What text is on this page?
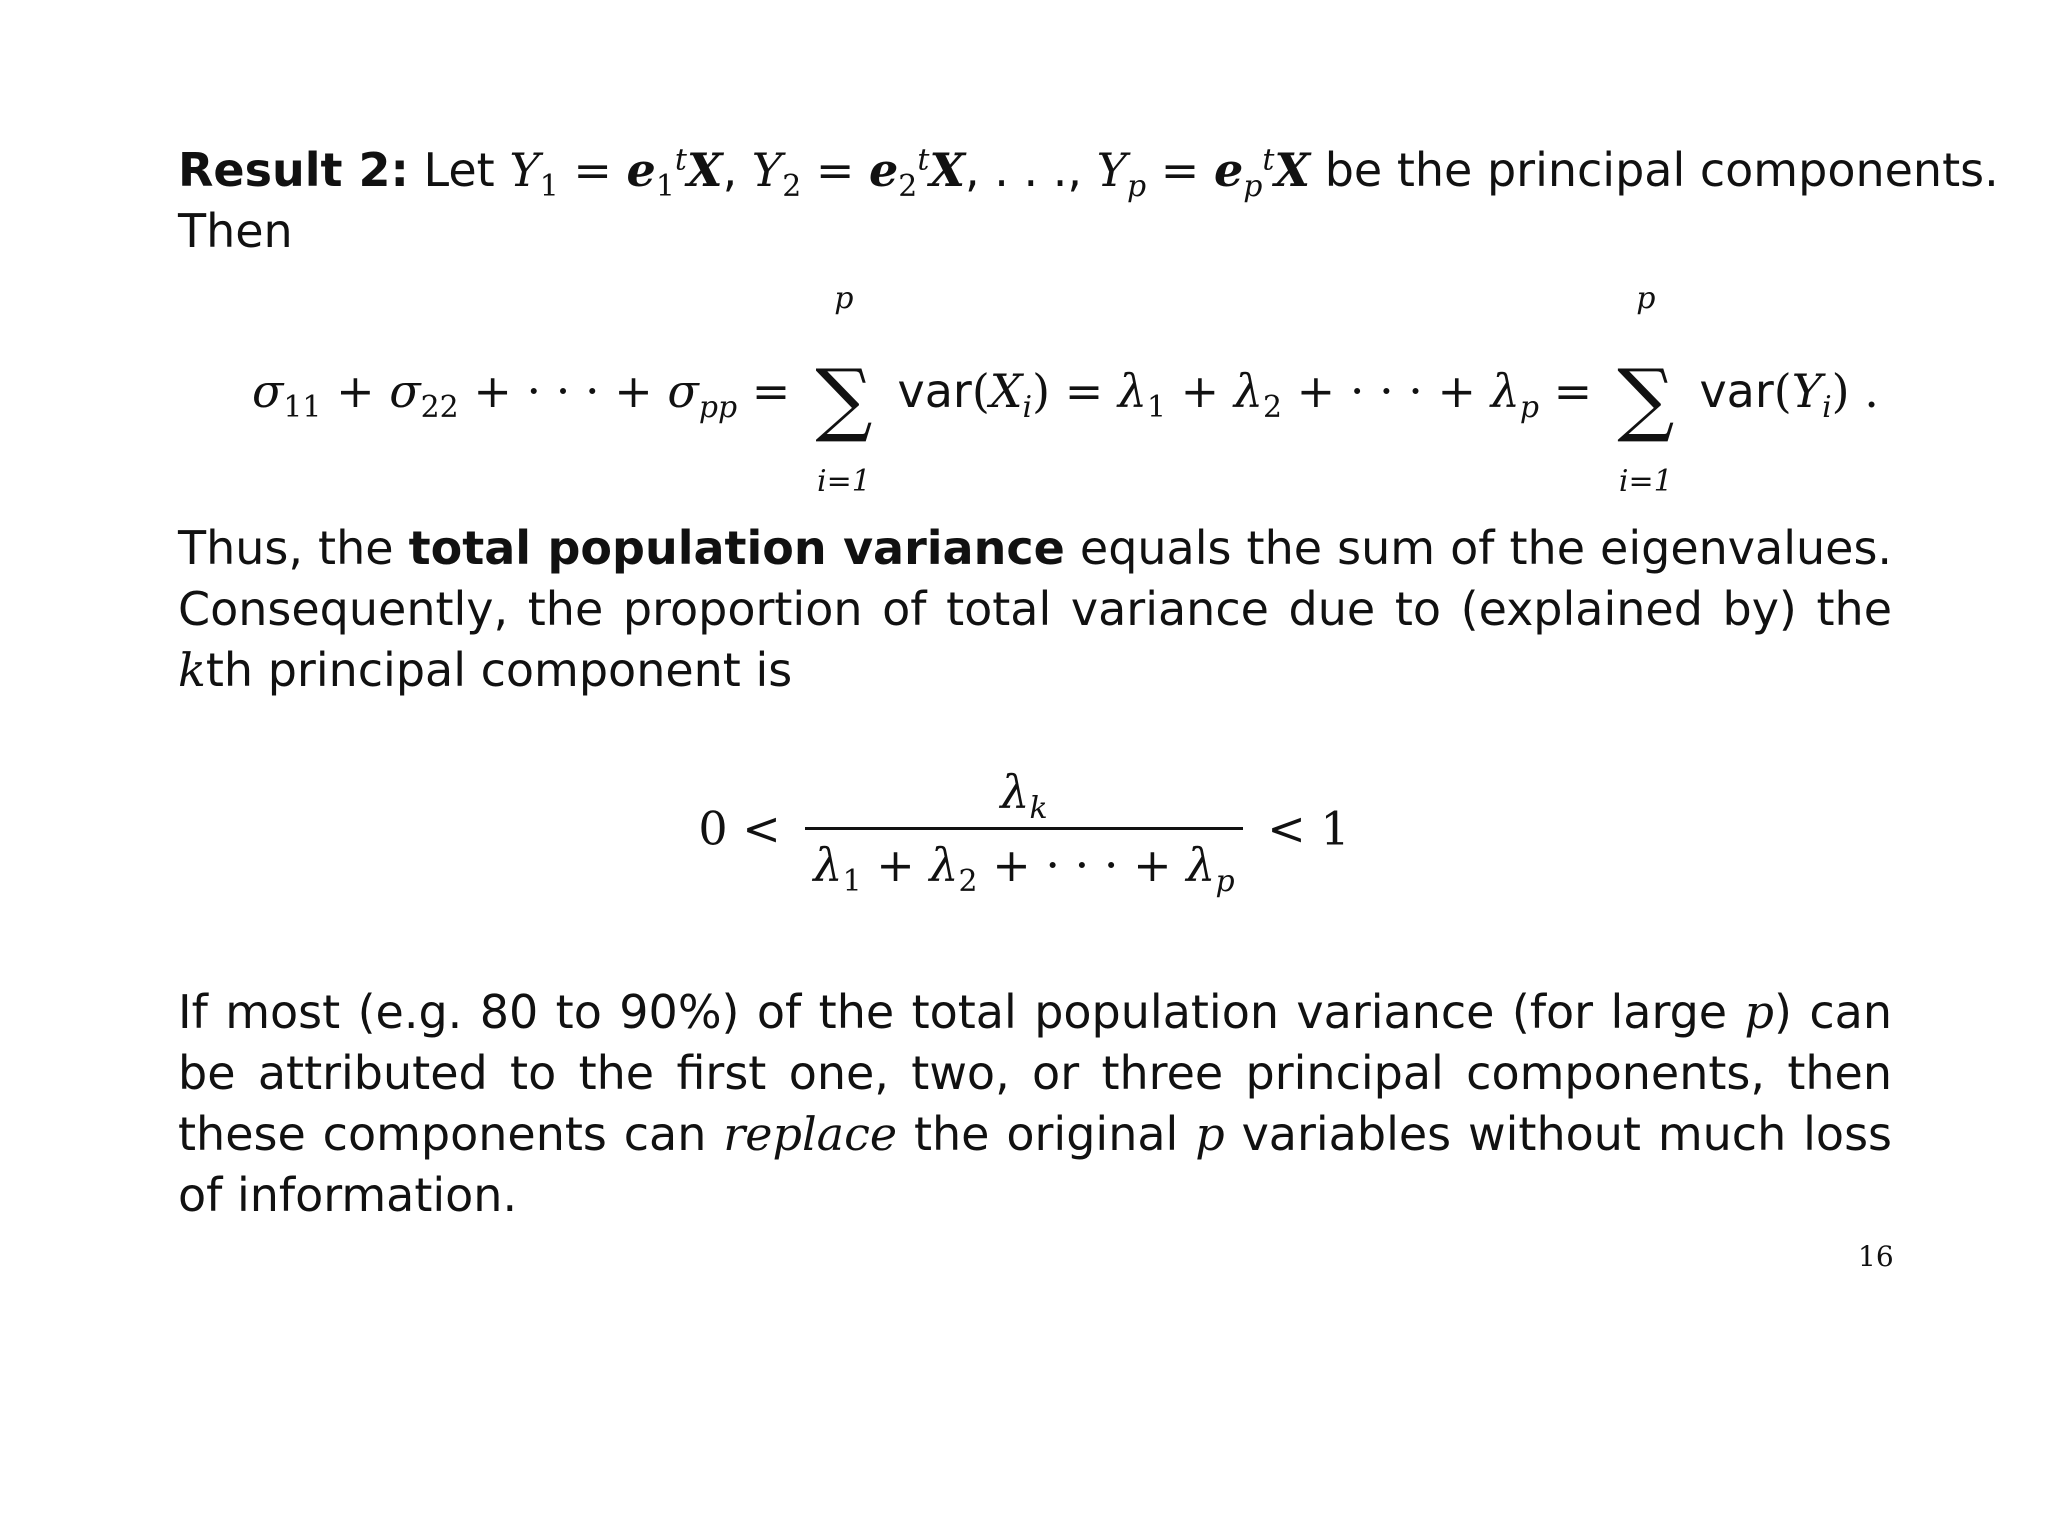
Result 2: Let $Y_1 = e_1^tX$, $Y_2 = e_2^tX$, . . ., $Y_p = e_p^tX$ be the principal components.
Then
$\sigma_{11} + \sigma_{22}$ + · · · + $\sigma_{pp}$ =
p
∑
i=1
$var(X_i) = \lambda_1 + \lambda_2$ + · · · + $\lambda_p$ =
p
∑
i=1
$var(Y_i)$ .
Thus, the total population variance equals the sum of the eigenvalues. Consequently, the proportion of total variance due to (explained by) the kth principal component is
$0 < \frac{\lambda_k}{\lambda_1 + \lambda_2 + \cdot \cdot \cdot + \lambda_p} < 1$
If most (e.g. 80 to 90%) of the total population variance (for large p) can be attributed to the first one, two, or three principal components, then these components can replace the original p variables without much loss of information.
16
